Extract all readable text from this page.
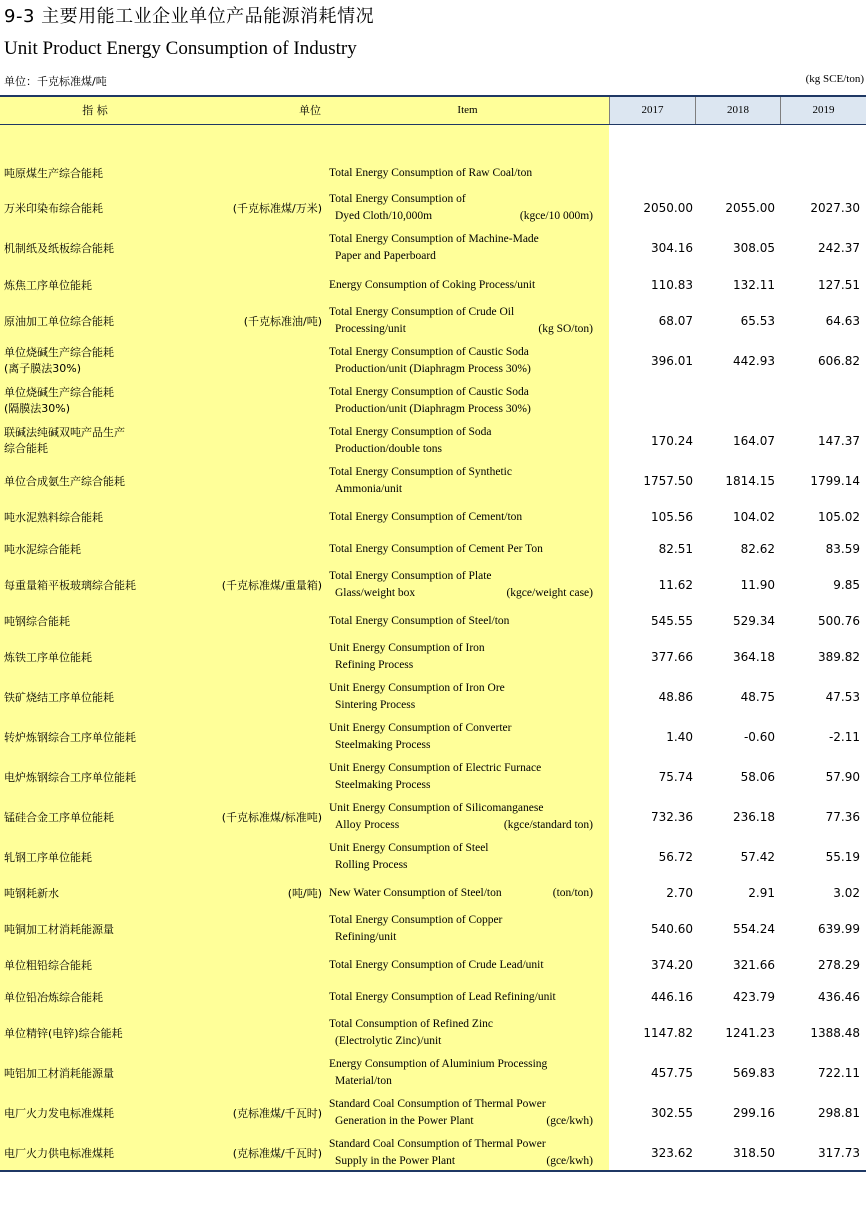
9-3 主要用能工业企业单位产品能源消耗情况
Unit Product Energy Consumption of Industry
单位：千克标准煤/吨	(kg SCE/ton)
指 标	单位	Item	2017	2018	2019
吨原煤生产综合能耗	Total Energy Consumption of Raw Coal/ton
万米印染布综合能耗	(千克标准煤/万米)
Total Energy Consumption of
Dyed Cloth/10,000m	(kgce/10 000m)
2050.00	2055.00	2027.30
机制纸及纸板综合能耗
Total Energy Consumption of Machine-Made
Paper and Paperboard
304.16	308.05	242.37
炼焦工序单位能耗	Energy Consumption of Coking Process/unit	110.83	132.11	127.51
原油加工单位综合能耗	(千克标准油/吨)
Total Energy Consumption of Crude Oil
Processing/unit	(kg SO/ton)
68.07	65.53	64.63
单位烧碱生产综合能耗
(离子膜法30%)
Total Energy Consumption of Caustic Soda
Production/unit (Diaphragm Process 30%)
396.01	442.93	606.82
单位烧碱生产综合能耗
(隔膜法30%)
Total Energy Consumption of Caustic Soda
Production/unit (Diaphragm Process 30%)
联碱法纯碱双吨产品生产
综合能耗
Total Energy Consumption of Soda
Production/double tons
170.24	164.07	147.37
单位合成氨生产综合能耗
Total Energy Consumption of Synthetic
Ammonia/unit
1757.50	1814.15	1799.14
吨水泥熟料综合能耗	Total Energy Consumption of Cement/ton	105.56	104.02	105.02
吨水泥综合能耗	Total Energy Consumption of Cement Per Ton	82.51	82.62	83.59
每重量箱平板玻璃综合能耗	(千克标准煤/重量箱)
Total Energy Consumption of Plate
Glass/weight box	(kgce/weight case)
11.62	11.90	9.85
吨钢综合能耗	Total Energy Consumption of Steel/ton	545.55	529.34	500.76
炼铁工序单位能耗
Unit Energy Consumption of Iron
Refining Process
377.66	364.18	389.82
铁矿烧结工序单位能耗
Unit Energy Consumption of Iron Ore
Sintering Process
48.86	48.75	47.53
转炉炼钢综合工序单位能耗
Unit Energy Consumption of Converter
Steelmaking Process
1.40	-0.60	-2.11
电炉炼钢综合工序单位能耗
Unit Energy Consumption of Electric Furnace
Steelmaking Process
75.74	58.06	57.90
锰硅合金工序单位能耗	(千克标准煤/标准吨)
Unit Energy Consumption of Silicomanganese
Alloy Process	(kgce/standard ton)
732.36	236.18	77.36
轧钢工序单位能耗
Unit Energy Consumption of Steel
Rolling Process
56.72	57.42	55.19
吨钢耗新水	(吨/吨) New Water Consumption of Steel/ton	(ton/ton)	2.70	2.91	3.02
吨铜加工材消耗能源量
Total Energy Consumption of Copper
Refining/unit
540.60	554.24	639.99
单位粗铅综合能耗	Total Energy Consumption of Crude Lead/unit	374.20	321.66	278.29
单位铅冶炼综合能耗	Total Energy Consumption of Lead Refining/unit	446.16	423.79	436.46
单位精锌(电锌)综合能耗
Total Consumption of Refined Zinc
(Electrolytic Zinc)/unit
1147.82	1241.23	1388.48
吨铝加工材消耗能源量
Energy Consumption of Aluminium Processing
Material/ton
457.75	569.83	722.11
电厂火力发电标准煤耗	(克标准煤/千瓦时)
Standard Coal Consumption of Thermal Power
Generation in the Power Plant	(gce/kwh)
302.55	299.16	298.81
电厂火力供电标准煤耗	(克标准煤/千瓦时)
Standard Coal Consumption of Thermal Power
Supply in the Power Plant	(gce/kwh)
323.62	318.50	317.73
